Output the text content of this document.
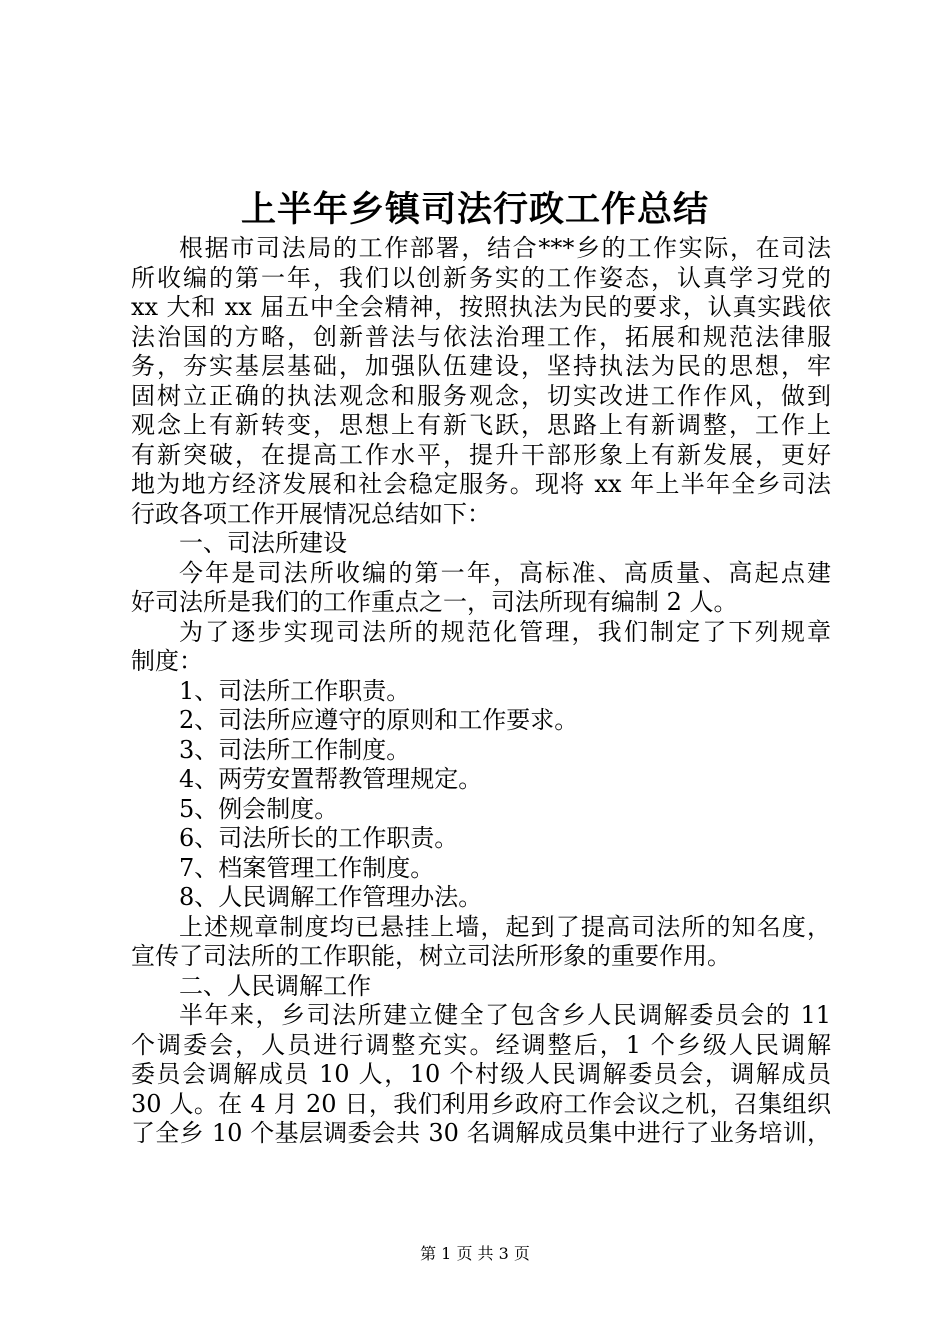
上半年乡镇司法行政工作总结
根据市司法局的工作部署，结合***乡的工作实际，在司法
所收编的第一年，我们以创新务实的工作姿态，认真学习党的
xx 大和 xx 届五中全会精神，按照执法为民的要求，认真实践依
法治国的方略，创新普法与依法治理工作，拓展和规范法律服
务，夯实基层基础，加强队伍建设，坚持执法为民的思想，牢
固树立正确的执法观念和服务观念，切实改进工作作风，做到
观念上有新转变，思想上有新飞跃，思路上有新调整，工作上
有新突破，在提高工作水平，提升干部形象上有新发展，更好
地为地方经济发展和社会稳定服务。现将 xx 年上半年全乡司法
行政各项工作开展情况总结如下：
一、司法所建设
今年是司法所收编的第一年，高标准、高质量、高起点建
好司法所是我们的工作重点之一，司法所现有编制 2 人。
为了逐步实现司法所的规范化管理，我们制定了下列规章
制度：
1、司法所工作职责。
2、司法所应遵守的原则和工作要求。
3、司法所工作制度。
4、两劳安置帮教管理规定。
5、例会制度。
6、司法所长的工作职责。
7、档案管理工作制度。
8、人民调解工作管理办法。
上述规章制度均已悬挂上墙，起到了提高司法所的知名度，
宣传了司法所的工作职能，树立司法所形象的重要作用。
二、人民调解工作
半年来，乡司法所建立健全了包含乡人民调解委员会的 11
个调委会，人员进行调整充实。经调整后，1 个乡级人民调解
委员会调解成员 10 人，10 个村级人民调解委员会，调解成员
30 人。在 4 月 20 日，我们利用乡政府工作会议之机，召集组织
了全乡 10 个基层调委会共 30 名调解成员集中进行了业务培训，
第 1 页 共 3 页
